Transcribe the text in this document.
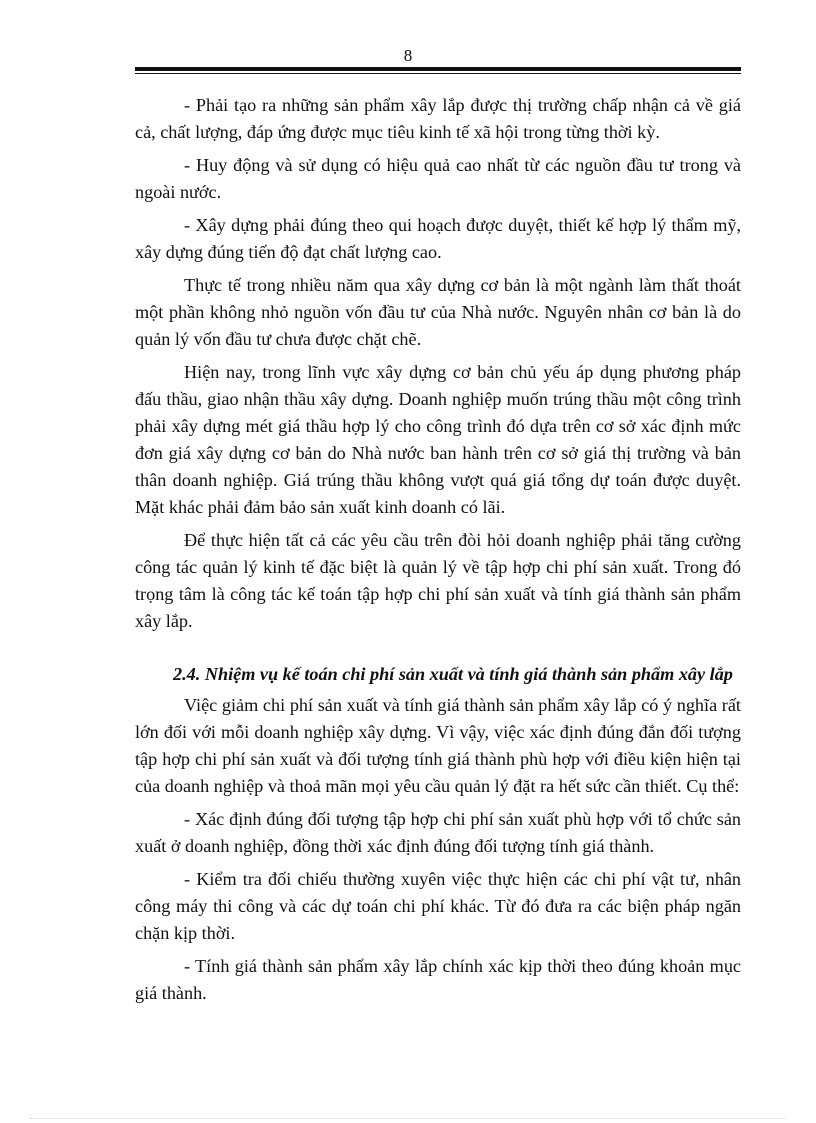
8

- Phải tạo ra những sản phẩm xây lắp được thị trường chấp nhận cả về giá cả, chất lượng, đáp ứng được mục tiêu kinh tế xã hội trong từng thời kỳ.

- Huy động và sử dụng có hiệu quả cao nhất từ các nguồn đầu tư trong và ngoài nước.

- Xây dựng phải đúng theo qui hoạch được duyệt, thiết kế hợp lý thẩm mỹ, xây dựng đúng tiến độ đạt chất lượng cao.

Thực tế trong nhiều năm qua xây dựng cơ bản là một ngành làm thất thoát một phần không nhỏ nguồn vốn đầu tư của Nhà nước. Nguyên nhân cơ bản là do quản lý vốn đầu tư chưa được chặt chẽ.

Hiện nay, trong lĩnh vực xây dựng cơ bản chủ yếu áp dụng phương pháp đấu thầu, giao nhận thầu xây dựng. Doanh nghiệp muốn trúng thầu một công trình phải xây dựng mét giá thầu hợp lý cho công trình đó dựa trên cơ sở xác định mức đơn giá xây dựng cơ bản do Nhà nước ban hành trên cơ sở giá thị trường và bản thân doanh nghiệp. Giá trúng thầu không vượt quá giá tổng dự toán được duyệt. Mặt khác phải đảm bảo sản xuất kinh doanh có lãi.

Để thực hiện tất cả các yêu cầu trên đòi hỏi doanh nghiệp phải tăng cường công tác quản lý kinh tế đặc biệt là quản lý về tập hợp chi phí sản xuất. Trong đó trọng tâm là công tác kế toán tập hợp chi phí sản xuất và tính giá thành sản phẩm xây lắp.

2.4. Nhiệm vụ kế toán chi phí sản xuất và tính giá thành sản phẩm xây lắp

Việc giảm chi phí sản xuất và tính giá thành sản phẩm xây lắp có ý nghĩa rất lớn đối với mỗi doanh nghiệp xây dựng. Vì vậy, việc xác định đúng đắn đối tượng tập hợp chi phí sản xuất và đối tượng tính giá thành phù hợp với điều kiện hiện tại của doanh nghiệp và thoả mãn mọi yêu cầu quản lý đặt ra hết sức cần thiết. Cụ thể:

- Xác định đúng đối tượng tập hợp chi phí sản xuất phù hợp với tổ chức sản xuất ở doanh nghiệp, đồng thời xác định đúng đối tượng tính giá thành.

- Kiểm tra đối chiếu thường xuyên việc thực hiện các chi phí vật tư, nhân công máy thi công và các dự toán chi phí khác. Từ đó đưa ra các biện pháp ngăn chặn kịp thời.

- Tính giá thành sản phẩm xây lắp chính xác kịp thời theo đúng khoản mục giá thành.
